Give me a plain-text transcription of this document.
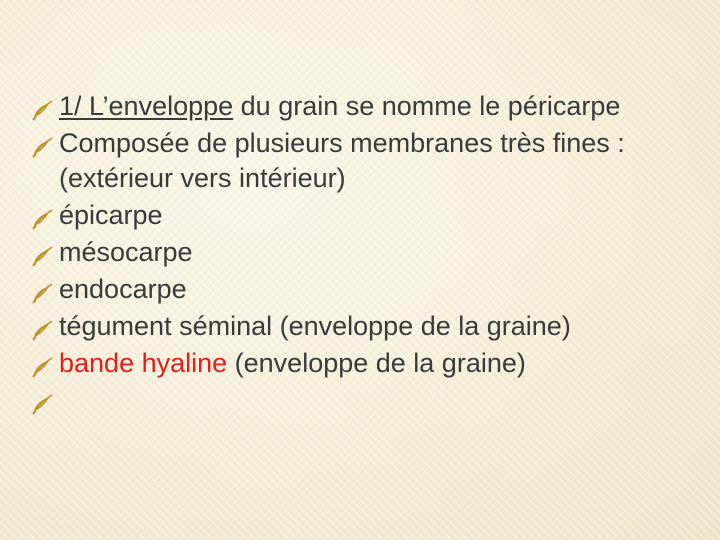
1/ L’enveloppe du grain se nomme le péricarpe
Composée de plusieurs membranes très fines : (extérieur vers intérieur)
épicarpe
mésocarpe
endocarpe
tégument séminal (enveloppe de la graine)
bande hyaline (enveloppe de la graine)
